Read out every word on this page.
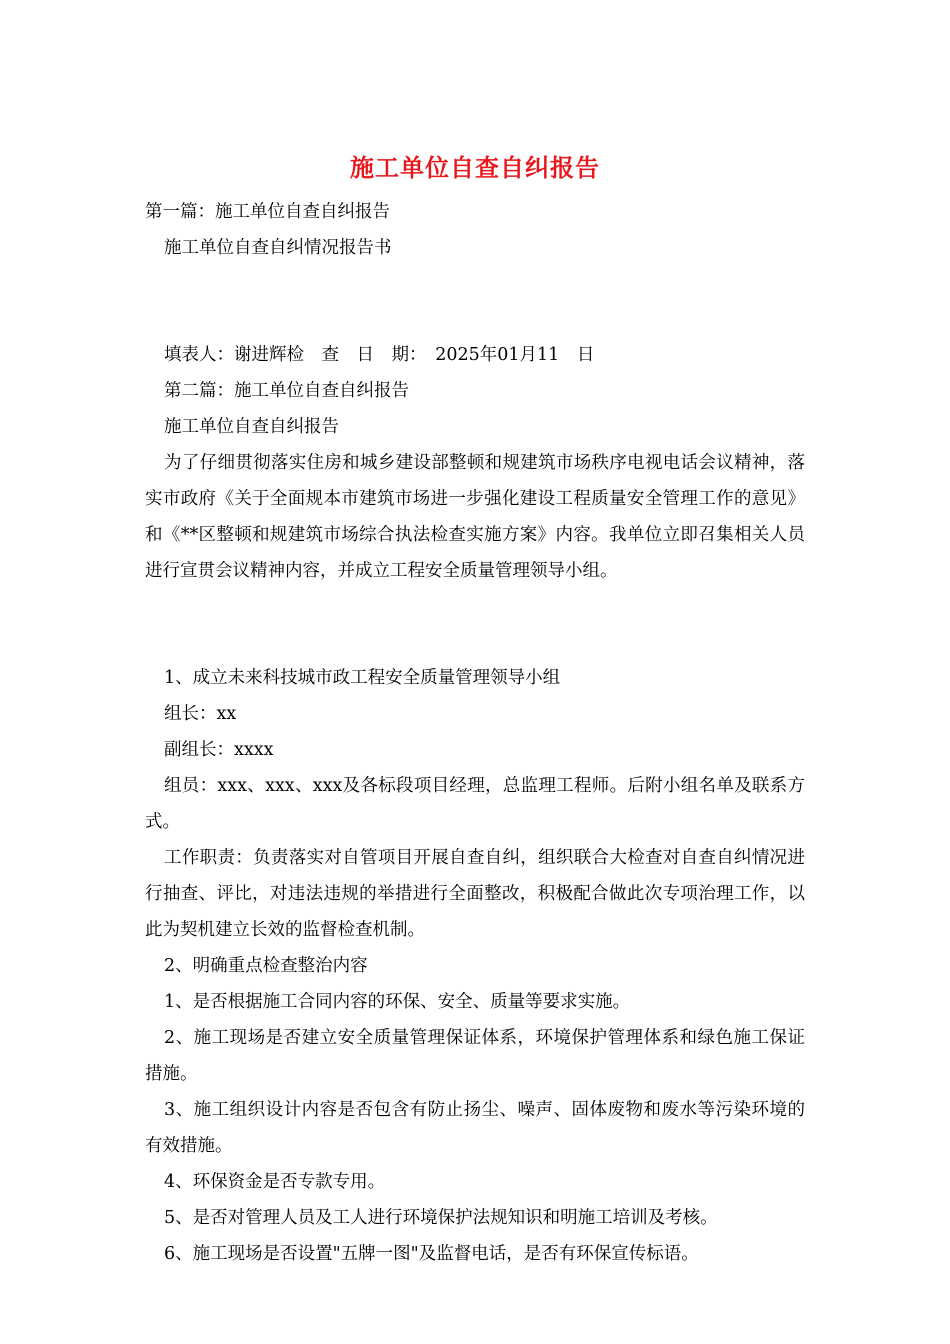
施工单位自查自纠报告

第一篇：施工单位自查自纠报告

施工单位自查自纠情况报告书

填表人：谢进辉检　查　日　期：　2025年01月11　日

第二篇：施工单位自查自纠报告

施工单位自查自纠报告

为了仔细贯彻落实住房和城乡建设部整顿和规建筑市场秩序电视电话会议精神，落实市政府《关于全面规本市建筑市场进一步强化建设工程质量安全管理工作的意见》和《**区整顿和规建筑市场综合执法检查实施方案》内容。我单位立即召集相关人员进行宣贯会议精神内容，并成立工程安全质量管理领导小组。

1、成立未来科技城市政工程安全质量管理领导小组

组长：xx

副组长：xxxx

组员：xxx、xxx、xxx及各标段项目经理，总监理工程师。后附小组名单及联系方式。

工作职责：负责落实对自管项目开展自查自纠，组织联合大检查对自查自纠情况进行抽查、评比，对违法违规的举措进行全面整改，积极配合做此次专项治理工作，以此为契机建立长效的监督检查机制。

2、明确重点检查整治内容

1、是否根据施工合同内容的环保、安全、质量等要求实施。

2、施工现场是否建立安全质量管理保证体系，环境保护管理体系和绿色施工保证措施。

3、施工组织设计内容是否包含有防止扬尘、噪声、固体废物和废水等污染环境的有效措施。

4、环保资金是否专款专用。

5、是否对管理人员及工人进行环境保护法规知识和明施工培训及考核。

6、施工现场是否设置"五牌一图"及监督电话，是否有环保宣传标语。
